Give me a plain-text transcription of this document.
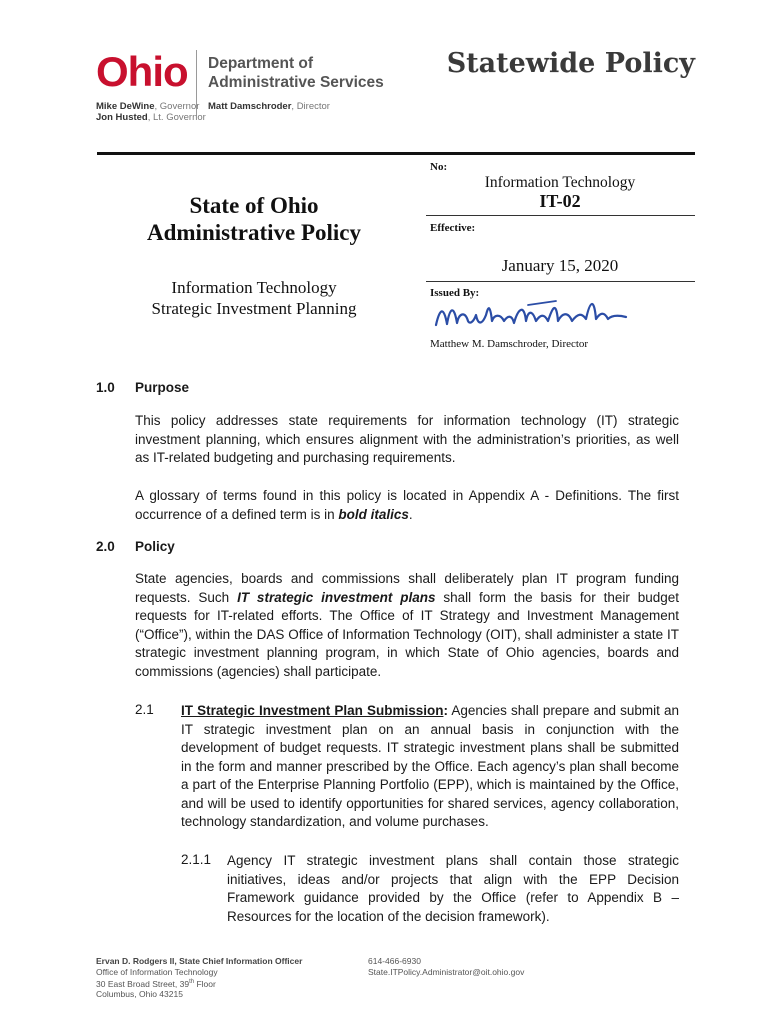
Ohio Department of
Administrative Services
Mike DeWine, Governor
Jon Husted, Lt. Governor
Matt Damschroder, Director
Statewide Policy
State of Ohio
Administrative Policy
Information Technology
Strategic Investment Planning
No:
Information Technology
IT-02
Effective:
January 15, 2020
Issued By:
Matthew M. Damschroder, Director
1.0 Purpose
This policy addresses state requirements for information technology (IT) strategic investment planning, which ensures alignment with the administration’s priorities, as well as IT-related budgeting and purchasing requirements.
A glossary of terms found in this policy is located in Appendix A - Definitions. The first occurrence of a defined term is in bold italics.
2.0 Policy
State agencies, boards and commissions shall deliberately plan IT program funding requests. Such IT strategic investment plans shall form the basis for their budget requests for IT-related efforts. The Office of IT Strategy and Investment Management (“Office”), within the DAS Office of Information Technology (OIT), shall administer a state IT strategic investment planning program, in which State of Ohio agencies, boards and commissions (agencies) shall participate.
2.1 IT Strategic Investment Plan Submission: Agencies shall prepare and submit an IT strategic investment plan on an annual basis in conjunction with the development of budget requests. IT strategic investment plans shall be submitted in the form and manner prescribed by the Office. Each agency’s plan shall become a part of the Enterprise Planning Portfolio (EPP), which is maintained by the Office, and will be used to identify opportunities for shared services, agency collaboration, technology standardization, and volume purchases.
2.1.1 Agency IT strategic investment plans shall contain those strategic initiatives, ideas and/or projects that align with the EPP Decision Framework guidance provided by the Office (refer to Appendix B – Resources for the location of the decision framework).
Ervan D. Rodgers II, State Chief Information Officer
Office of Information Technology
30 East Broad Street, 39th Floor
Columbus, Ohio 43215
614-466-6930
State.ITPolicy.Administrator@oit.ohio.gov
